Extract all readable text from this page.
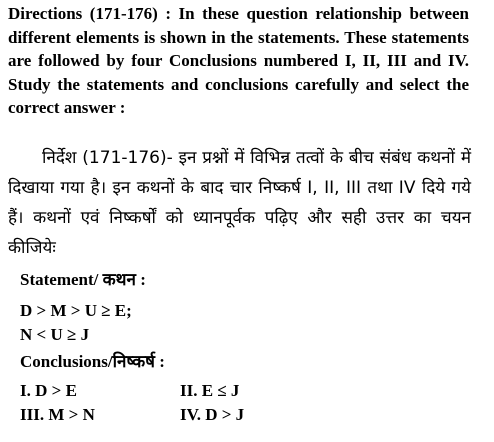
Directions (171-176) : In these question relationship between different elements is shown in the statements. These statements are followed by four Conclusions numbered I, II, III and IV. Study the statements and conclusions carefully and select the correct answer :

निर्देश (171-176)- इन प्रश्नों में विभिन्न तत्वों के बीच संबंध कथनों में दिखाया गया है। इन कथनों के बाद चार निष्कर्ष I, II, III तथा IV दिये गये हैं। कथनों एवं निष्कर्षों को ध्यानपूर्वक पढ़िए और सही उत्तर का चयन कीजियेः

Statement/ कथन :

D > M > U ≥ E;

N < U ≥ J

Conclusions/निष्कर्ष :

I. D > E	II. E ≤ J
III. M > N	IV. D > J
